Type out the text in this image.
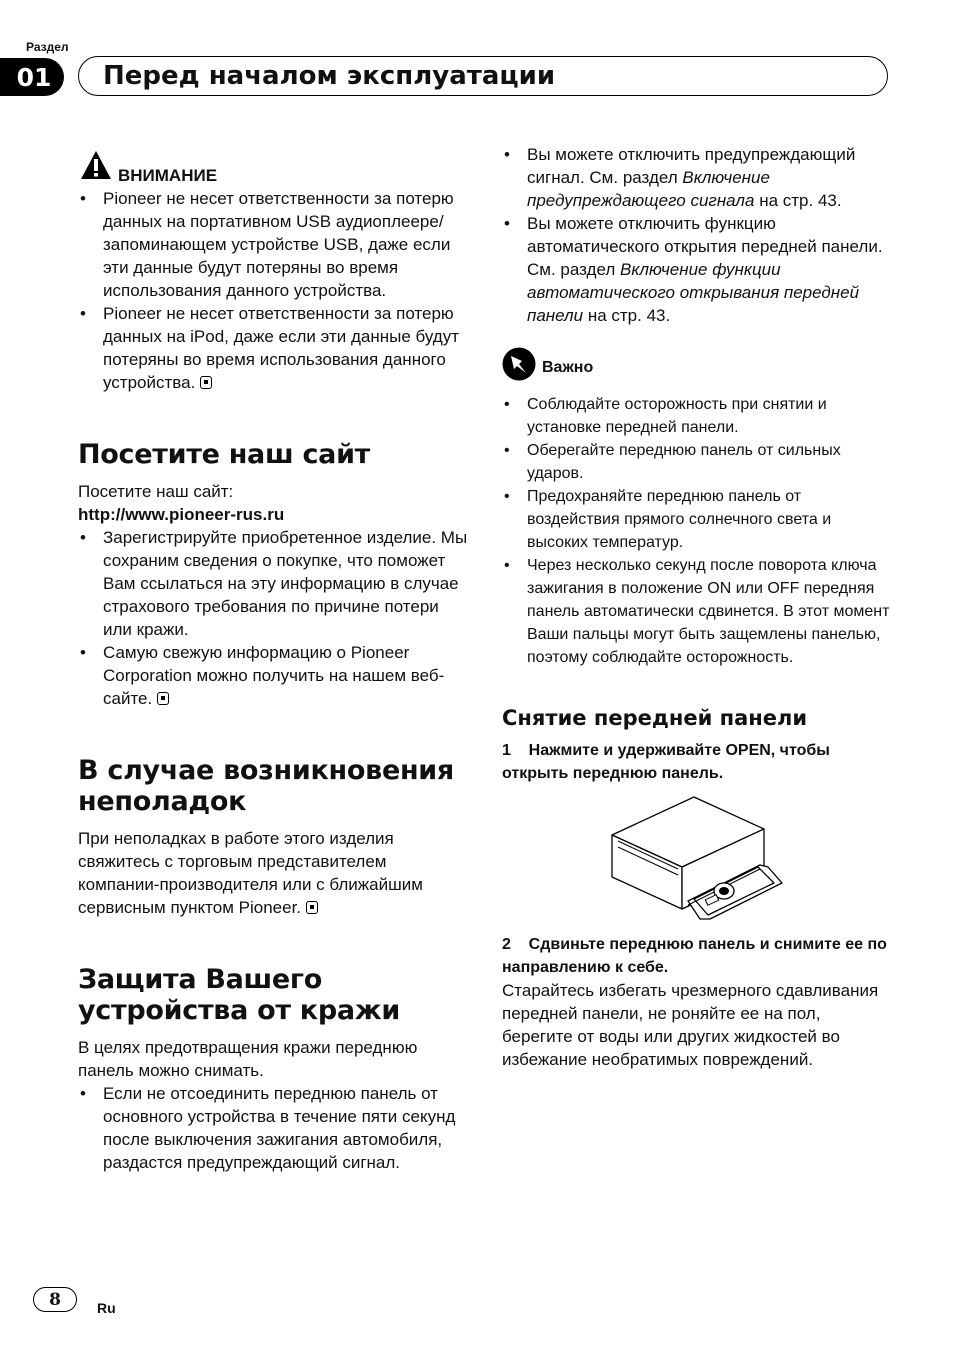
Раздел
01	Перед началом эксплуатации
ВНИМАНИЕ
• Pioneer не несет ответственности за потерю данных на портативном USB аудиоплеере/запоминающем устройстве USB, даже если эти данные будут потеряны во время использования данного устройства.
• Pioneer не несет ответственности за потерю данных на iPod, даже если эти данные будут потеряны во время использования данного устройства.
Посетите наш сайт

Посетите наш сайт:

http://www.pioneer-rus.ru

• Зарегистрируйте приобретенное изделие. Мы сохраним сведения о покупке, что поможет Вам ссылаться на эту информацию в случае страхового требования по причине потери или кражи.
• Самую свежую информацию о Pioneer Corporation можно получить на нашем веб-сайте.
В случае возникновения неполадок

При неполадках в работе этого изделия свяжитесь с торговым представителем компании-производителя или с ближайшим сервисным пунктом Pioneer.

Защита Вашего устройства от кражи

В целях предотвращения кражи переднюю панель можно снимать.

• Если не отсоединить переднюю панель от основного устройства в течение пяти секунд после выключения зажигания автомобиля, раздастся предупреждающий сигнал.
• Вы можете отключить предупреждающий сигнал. См. раздел Включение предупреждающего сигнала на стр. 43.
• Вы можете отключить функцию автоматического открытия передней панели. См. раздел Включение функции автоматического открывания передней панели на стр. 43.
Важно
• Соблюдайте осторожность при снятии и установке передней панели.
• Оберегайте переднюю панель от сильных ударов.
• Предохраняйте переднюю панель от воздействия прямого солнечного света и высоких температур.
• Через несколько секунд после поворота ключа зажигания в положение ON или OFF передняя панель автоматически сдвинется. В этот момент Ваши пальцы могут быть защемлены панелью, поэтому соблюдайте осторожность.
Снятие передней панели

1    Нажмите и удерживайте OPEN, чтобы открыть переднюю панель.

2    Сдвиньте переднюю панель и снимите ее по направлению к себе.

Старайтесь избегать чрезмерного сдавливания передней панели, не роняйте ее на пол, берегите от воды или других жидкостей во избежание необратимых повреждений.

8	Ru
